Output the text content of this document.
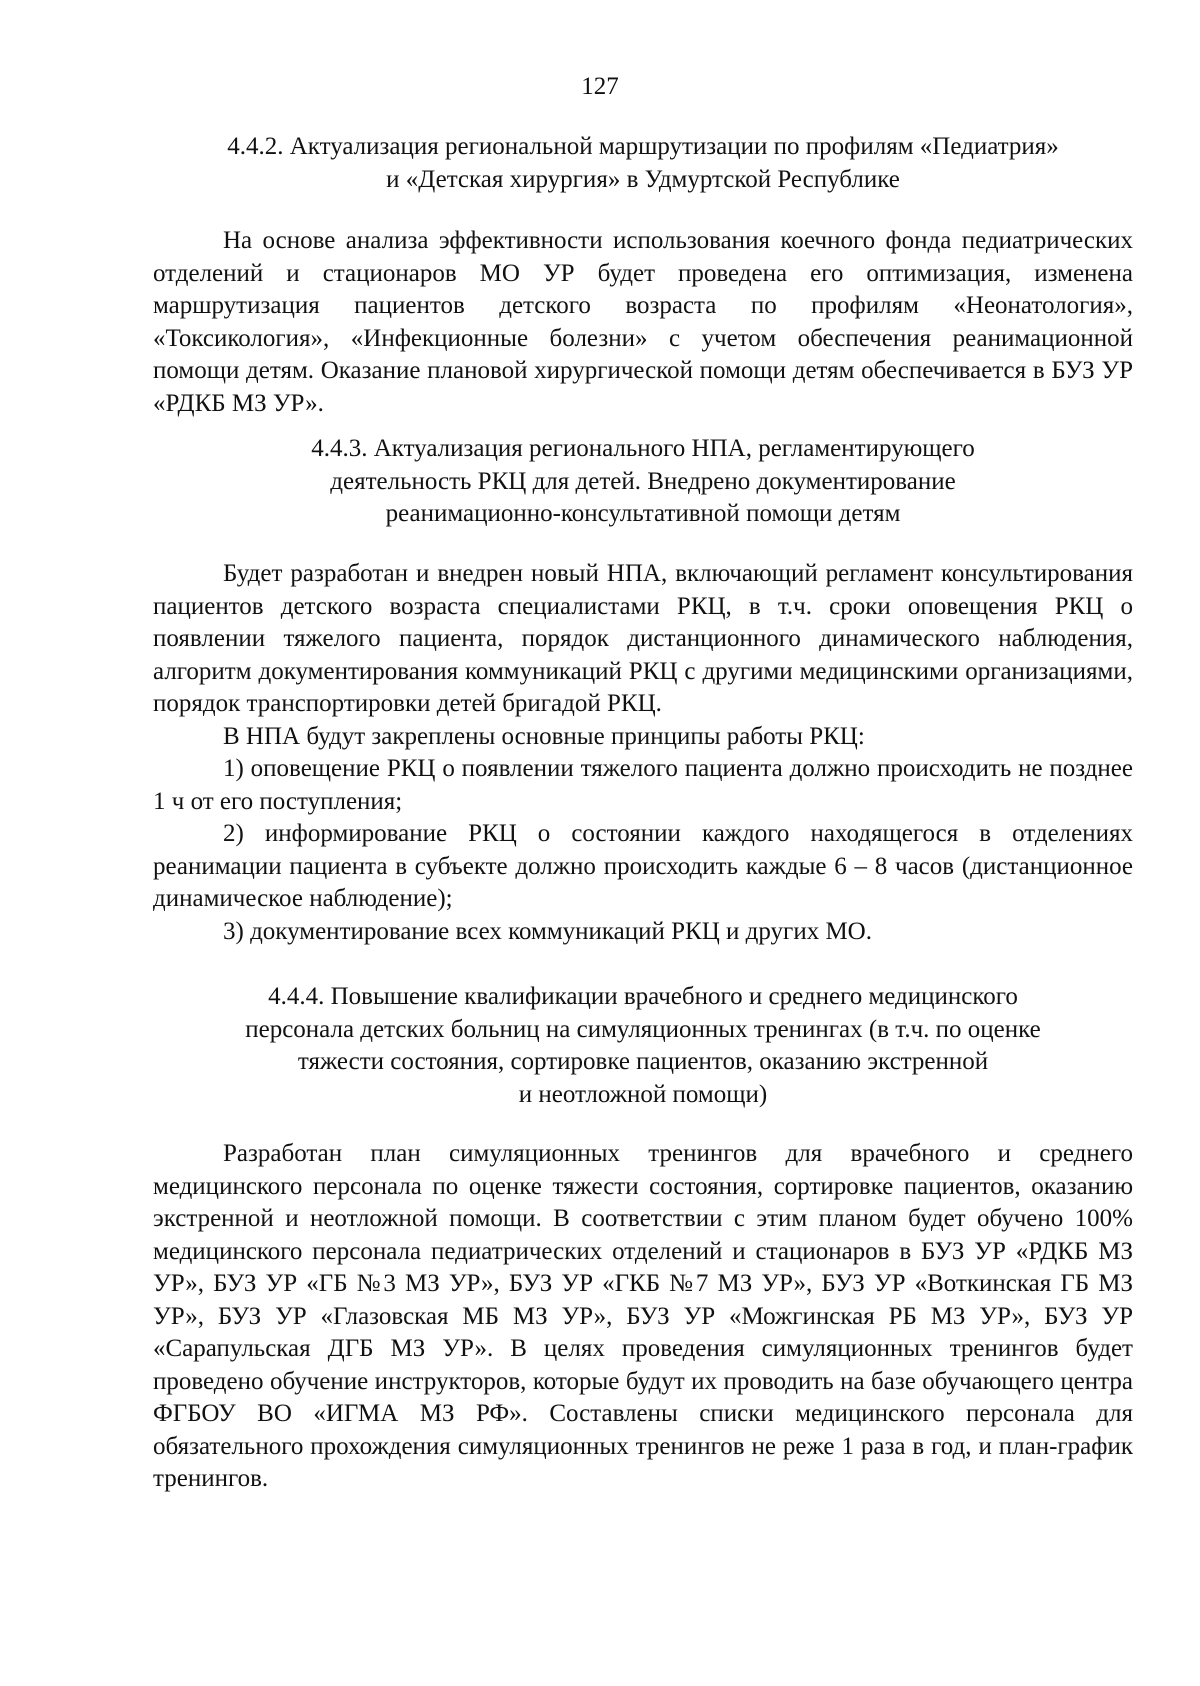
127
4.4.2. Актуализация региональной маршрутизации по профилям «Педиатрия»
и «Детская хирургия» в Удмуртской Республике

На основе анализа эффективности использования коечного фонда педиатрических отделений и стационаров МО УР будет проведена его оптимизация, изменена маршрутизация пациентов детского возраста по профилям «Неонатология», «Токсикология», «Инфекционные болезни» с учетом обеспечения реанимационной помощи детям. Оказание плановой хирургической помощи детям обеспечивается в БУЗ УР «РДКБ МЗ УР».

4.4.3. Актуализация регионального НПА, регламентирующего
деятельность РКЦ для детей. Внедрено документирование
реанимационно-консультативной помощи детям

Будет разработан и внедрен новый НПА, включающий регламент консультирования пациентов детского возраста специалистами РКЦ, в т.ч. сроки оповещения РКЦ о появлении тяжелого пациента, порядок дистанционного динамического наблюдения, алгоритм документирования коммуникаций РКЦ с другими медицинскими организациями, порядок транспортировки детей бригадой РКЦ.

В НПА будут закреплены основные принципы работы РКЦ:

1) оповещение РКЦ о появлении тяжелого пациента должно происходить не позднее 1 ч от его поступления;

2) информирование РКЦ о состоянии каждого находящегося в отделениях реанимации пациента в субъекте должно происходить каждые 6 – 8 часов (дистанционное динамическое наблюдение);

3) документирование всех коммуникаций РКЦ и других МО.

4.4.4. Повышение квалификации врачебного и среднего медицинского
персонала детских больниц на симуляционных тренингах (в т.ч. по оценке
тяжести состояния, сортировке пациентов, оказанию экстренной
и неотложной помощи)

Разработан план симуляционных тренингов для врачебного и среднего медицинского персонала по оценке тяжести состояния, сортировке пациентов, оказанию экстренной и неотложной помощи. В соответствии с этим планом будет обучено 100% медицинского персонала педиатрических отделений и стационаров в БУЗ УР «РДКБ МЗ УР», БУЗ УР «ГБ №3 МЗ УР», БУЗ УР «ГКБ №7 МЗ УР», БУЗ УР «Воткинская ГБ МЗ УР», БУЗ УР «Глазовская МБ МЗ УР», БУЗ УР «Можгинская РБ МЗ УР», БУЗ УР «Сарапульская ДГБ МЗ УР». В целях проведения симуляционных тренингов будет проведено обучение инструкторов, которые будут их проводить на базе обучающего центра ФГБОУ ВО «ИГМА МЗ РФ». Составлены списки медицинского персонала для обязательного прохождения симуляционных тренингов не реже 1 раза в год, и план-график тренингов.
